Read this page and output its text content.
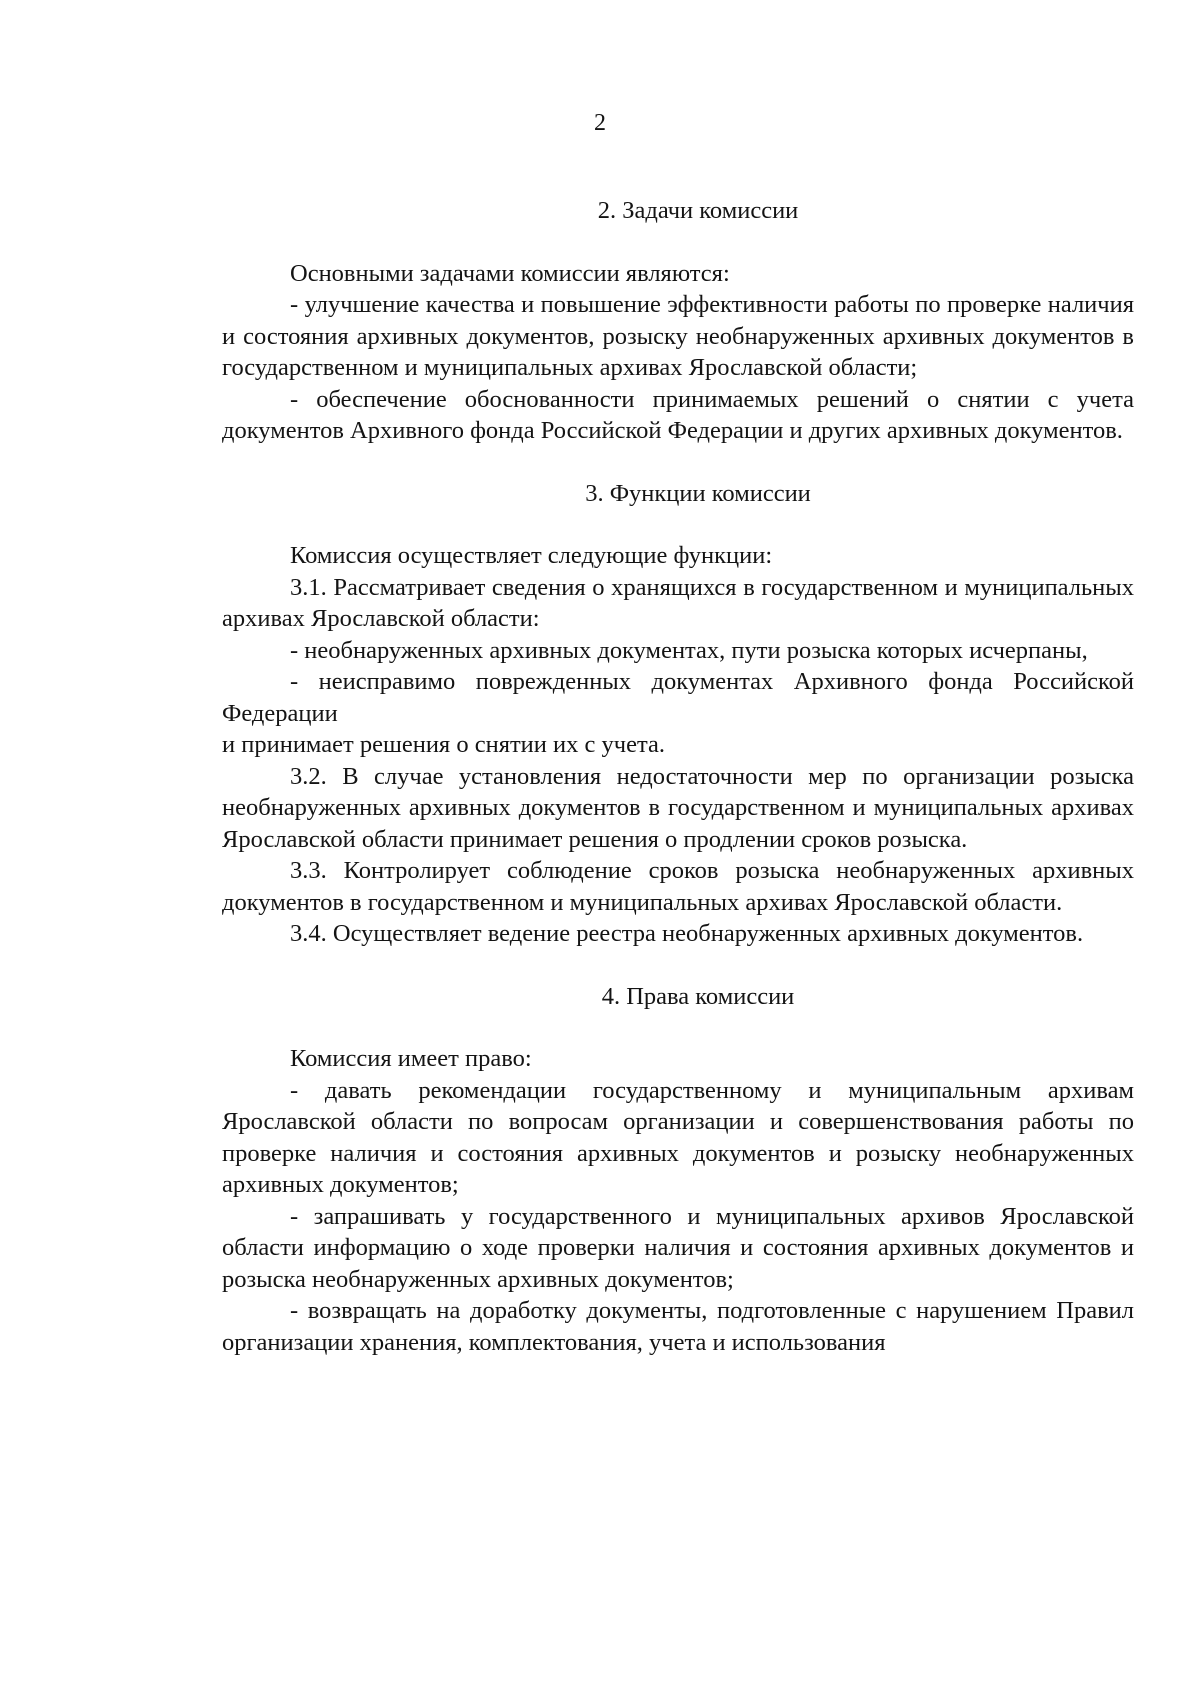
2
2. Задачи комиссии

Основными задачами комиссии являются:

- улучшение качества и повышение эффективности работы по проверке наличия и состояния архивных документов, розыску необнаруженных архивных документов в государственном и муниципальных архивах Ярославской области;

- обеспечение обоснованности принимаемых решений о снятии с учета документов Архивного фонда Российской Федерации и других архивных документов.

3. Функции комиссии

Комиссия осуществляет следующие функции:

3.1. Рассматривает сведения о хранящихся в государственном и муниципальных архивах Ярославской области:

- необнаруженных архивных документах, пути розыска которых исчерпаны,

- неисправимо поврежденных документах Архивного фонда Российской Федерации

и принимает решения о снятии их с учета.

3.2. В случае установления недостаточности мер по организации розыска необнаруженных архивных документов в государственном и муниципальных архивах Ярославской области принимает решения о продлении сроков розыска.

3.3. Контролирует соблюдение сроков розыска необнаруженных архивных документов в государственном и муниципальных архивах Ярославской области.

3.4. Осуществляет ведение реестра необнаруженных архивных документов.

4. Права комиссии

Комиссия имеет право:

- давать рекомендации государственному и муниципальным архивам Ярославской области по вопросам организации и совершенствования работы по проверке наличия и состояния архивных документов и розыску необнаруженных архивных документов;

- запрашивать у государственного и муниципальных архивов Ярославской области информацию о ходе проверки наличия и состояния архивных документов и розыска необнаруженных архивных документов;

- возвращать на доработку документы, подготовленные с нарушением Правил организации хранения, комплектования, учета и использования
